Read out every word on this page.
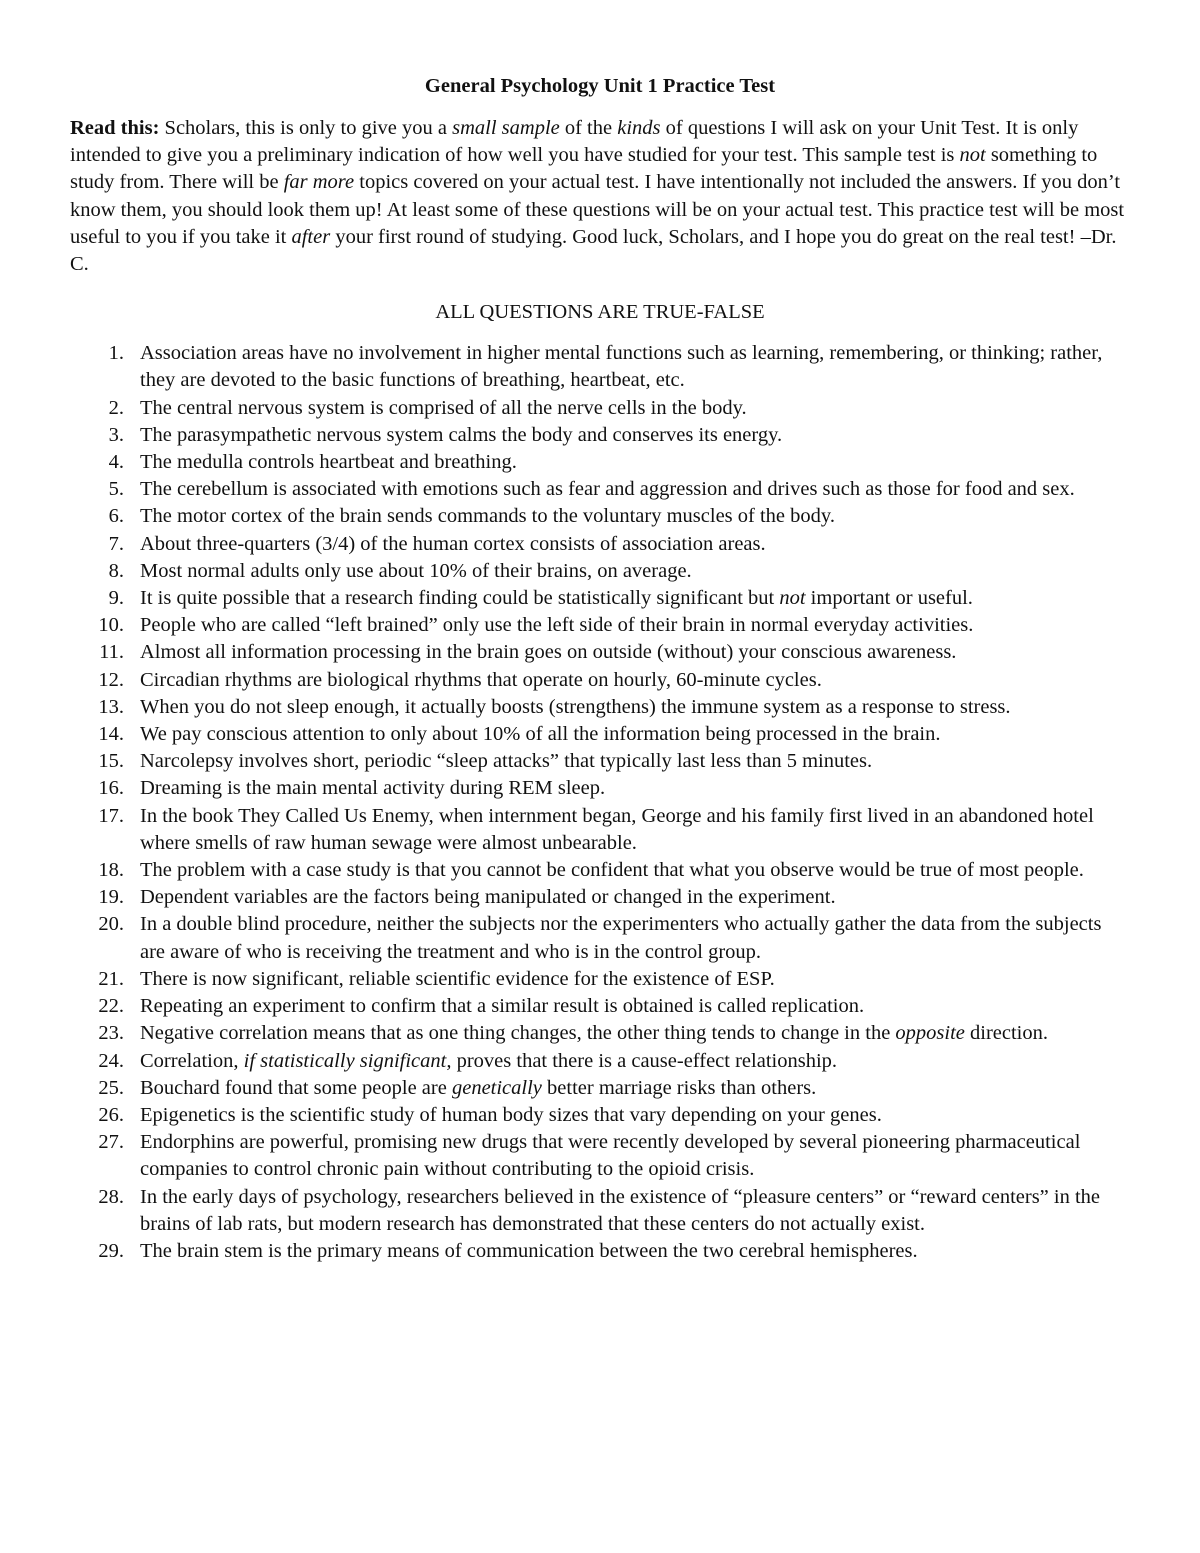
General Psychology Unit 1 Practice Test

Read this: Scholars, this is only to give you a small sample of the kinds of questions I will ask on your Unit Test. It is only intended to give you a preliminary indication of how well you have studied for your test. This sample test is not something to study from. There will be far more topics covered on your actual test. I have intentionally not included the answers. If you don’t know them, you should look them up! At least some of these questions will be on your actual test. This practice test will be most useful to you if you take it after your first round of studying. Good luck, Scholars, and I hope you do great on the real test! –Dr. C.

ALL QUESTIONS ARE TRUE-FALSE
1. Association areas have no involvement in higher mental functions such as learning, remembering, or thinking; rather, they are devoted to the basic functions of breathing, heartbeat, etc.
2. The central nervous system is comprised of all the nerve cells in the body.
3. The parasympathetic nervous system calms the body and conserves its energy.
4. The medulla controls heartbeat and breathing.
5. The cerebellum is associated with emotions such as fear and aggression and drives such as those for food and sex.
6. The motor cortex of the brain sends commands to the voluntary muscles of the body.
7. About three-quarters (3/4) of the human cortex consists of association areas.
8. Most normal adults only use about 10% of their brains, on average.
9. It is quite possible that a research finding could be statistically significant but not important or useful.
10. People who are called “left brained” only use the left side of their brain in normal everyday activities.
11. Almost all information processing in the brain goes on outside (without) your conscious awareness.
12. Circadian rhythms are biological rhythms that operate on hourly, 60-minute cycles.
13. When you do not sleep enough, it actually boosts (strengthens) the immune system as a response to stress.
14. We pay conscious attention to only about 10% of all the information being processed in the brain.
15. Narcolepsy involves short, periodic “sleep attacks” that typically last less than 5 minutes.
16. Dreaming is the main mental activity during REM sleep.
17. In the book They Called Us Enemy, when internment began, George and his family first lived in an abandoned hotel where smells of raw human sewage were almost unbearable.
18. The problem with a case study is that you cannot be confident that what you observe would be true of most people.
19. Dependent variables are the factors being manipulated or changed in the experiment.
20. In a double blind procedure, neither the subjects nor the experimenters who actually gather the data from the subjects are aware of who is receiving the treatment and who is in the control group.
21. There is now significant, reliable scientific evidence for the existence of ESP.
22. Repeating an experiment to confirm that a similar result is obtained is called replication.
23. Negative correlation means that as one thing changes, the other thing tends to change in the opposite direction.
24. Correlation, if statistically significant, proves that there is a cause-effect relationship.
25. Bouchard found that some people are genetically better marriage risks than others.
26. Epigenetics is the scientific study of human body sizes that vary depending on your genes.
27. Endorphins are powerful, promising new drugs that were recently developed by several pioneering pharmaceutical companies to control chronic pain without contributing to the opioid crisis.
28. In the early days of psychology, researchers believed in the existence of “pleasure centers” or “reward centers” in the brains of lab rats, but modern research has demonstrated that these centers do not actually exist.
29. The brain stem is the primary means of communication between the two cerebral hemispheres.
